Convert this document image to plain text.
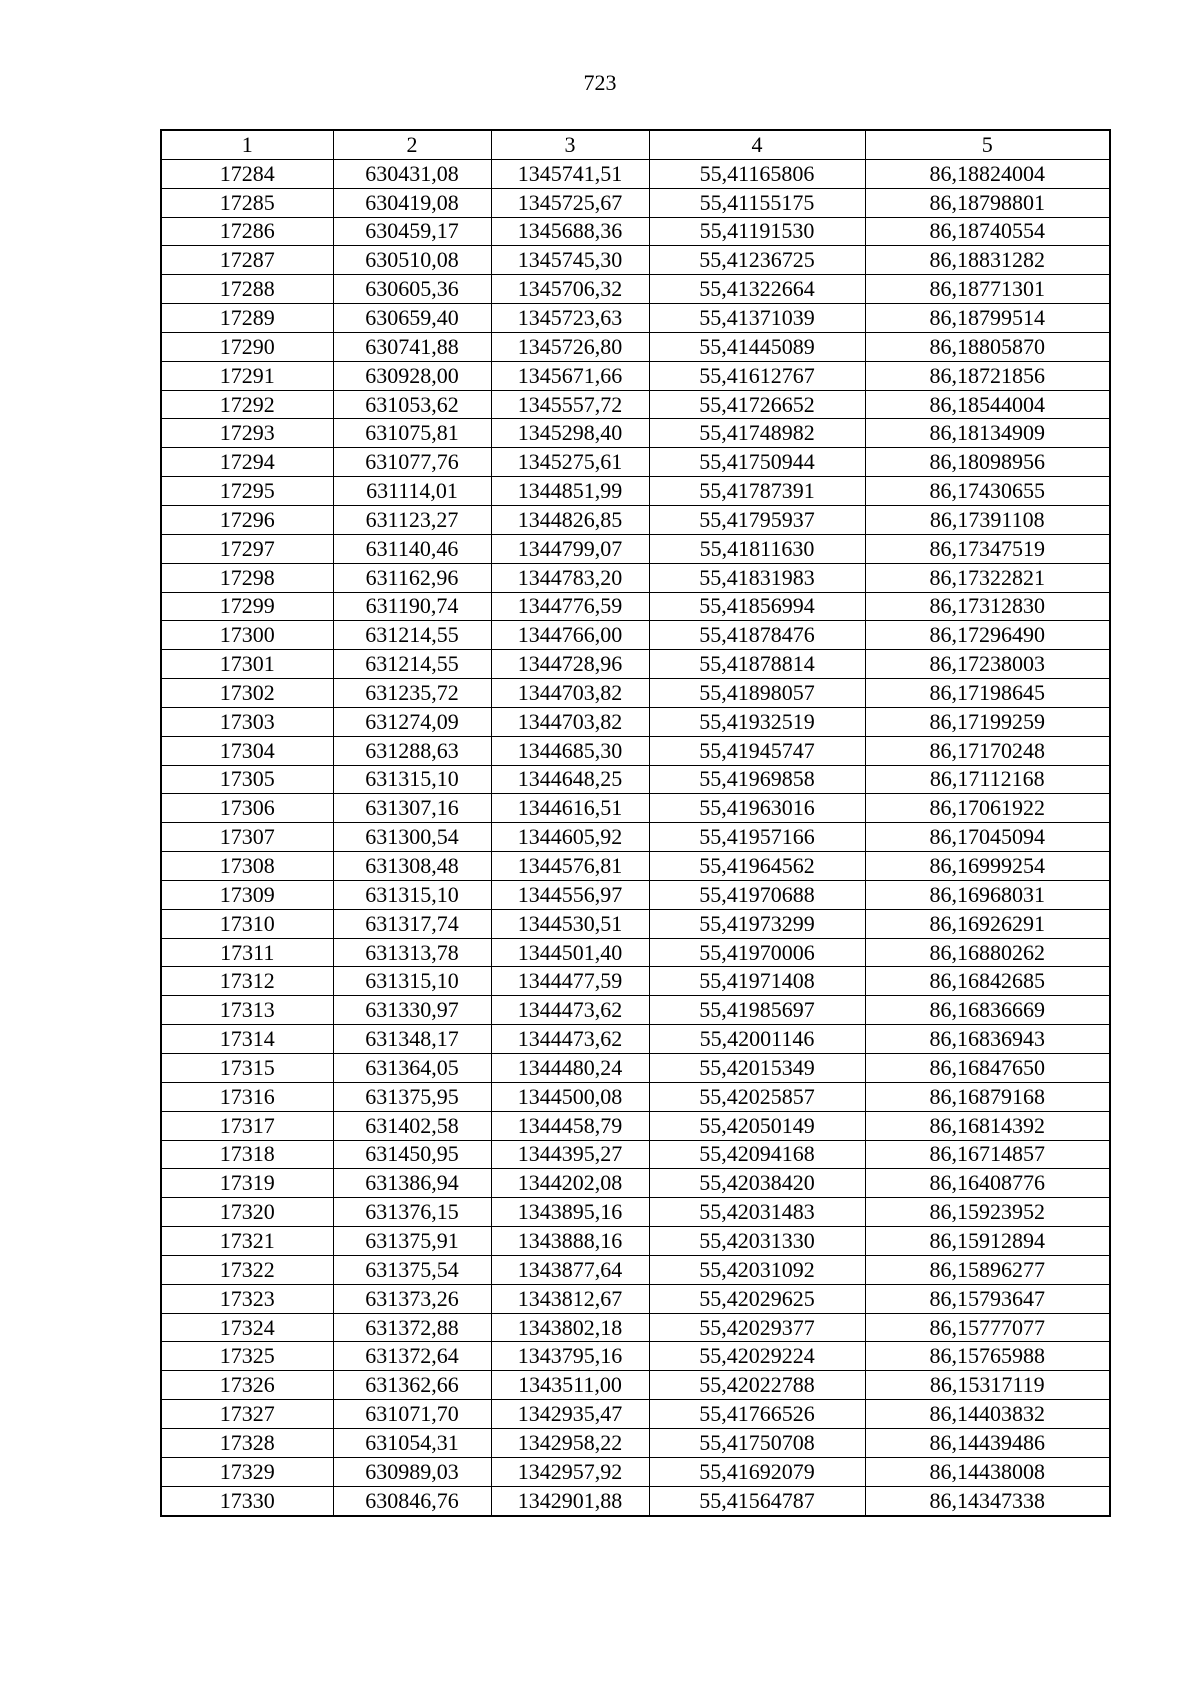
723
1	2	3	4	5
17284	630431,08	1345741,51	55,41165806	86,18824004
17285	630419,08	1345725,67	55,41155175	86,18798801
17286	630459,17	1345688,36	55,41191530	86,18740554
17287	630510,08	1345745,30	55,41236725	86,18831282
17288	630605,36	1345706,32	55,41322664	86,18771301
17289	630659,40	1345723,63	55,41371039	86,18799514
17290	630741,88	1345726,80	55,41445089	86,18805870
17291	630928,00	1345671,66	55,41612767	86,18721856
17292	631053,62	1345557,72	55,41726652	86,18544004
17293	631075,81	1345298,40	55,41748982	86,18134909
17294	631077,76	1345275,61	55,41750944	86,18098956
17295	631114,01	1344851,99	55,41787391	86,17430655
17296	631123,27	1344826,85	55,41795937	86,17391108
17297	631140,46	1344799,07	55,41811630	86,17347519
17298	631162,96	1344783,20	55,41831983	86,17322821
17299	631190,74	1344776,59	55,41856994	86,17312830
17300	631214,55	1344766,00	55,41878476	86,17296490
17301	631214,55	1344728,96	55,41878814	86,17238003
17302	631235,72	1344703,82	55,41898057	86,17198645
17303	631274,09	1344703,82	55,41932519	86,17199259
17304	631288,63	1344685,30	55,41945747	86,17170248
17305	631315,10	1344648,25	55,41969858	86,17112168
17306	631307,16	1344616,51	55,41963016	86,17061922
17307	631300,54	1344605,92	55,41957166	86,17045094
17308	631308,48	1344576,81	55,41964562	86,16999254
17309	631315,10	1344556,97	55,41970688	86,16968031
17310	631317,74	1344530,51	55,41973299	86,16926291
17311	631313,78	1344501,40	55,41970006	86,16880262
17312	631315,10	1344477,59	55,41971408	86,16842685
17313	631330,97	1344473,62	55,41985697	86,16836669
17314	631348,17	1344473,62	55,42001146	86,16836943
17315	631364,05	1344480,24	55,42015349	86,16847650
17316	631375,95	1344500,08	55,42025857	86,16879168
17317	631402,58	1344458,79	55,42050149	86,16814392
17318	631450,95	1344395,27	55,42094168	86,16714857
17319	631386,94	1344202,08	55,42038420	86,16408776
17320	631376,15	1343895,16	55,42031483	86,15923952
17321	631375,91	1343888,16	55,42031330	86,15912894
17322	631375,54	1343877,64	55,42031092	86,15896277
17323	631373,26	1343812,67	55,42029625	86,15793647
17324	631372,88	1343802,18	55,42029377	86,15777077
17325	631372,64	1343795,16	55,42029224	86,15765988
17326	631362,66	1343511,00	55,42022788	86,15317119
17327	631071,70	1342935,47	55,41766526	86,14403832
17328	631054,31	1342958,22	55,41750708	86,14439486
17329	630989,03	1342957,92	55,41692079	86,14438008
17330	630846,76	1342901,88	55,41564787	86,14347338
